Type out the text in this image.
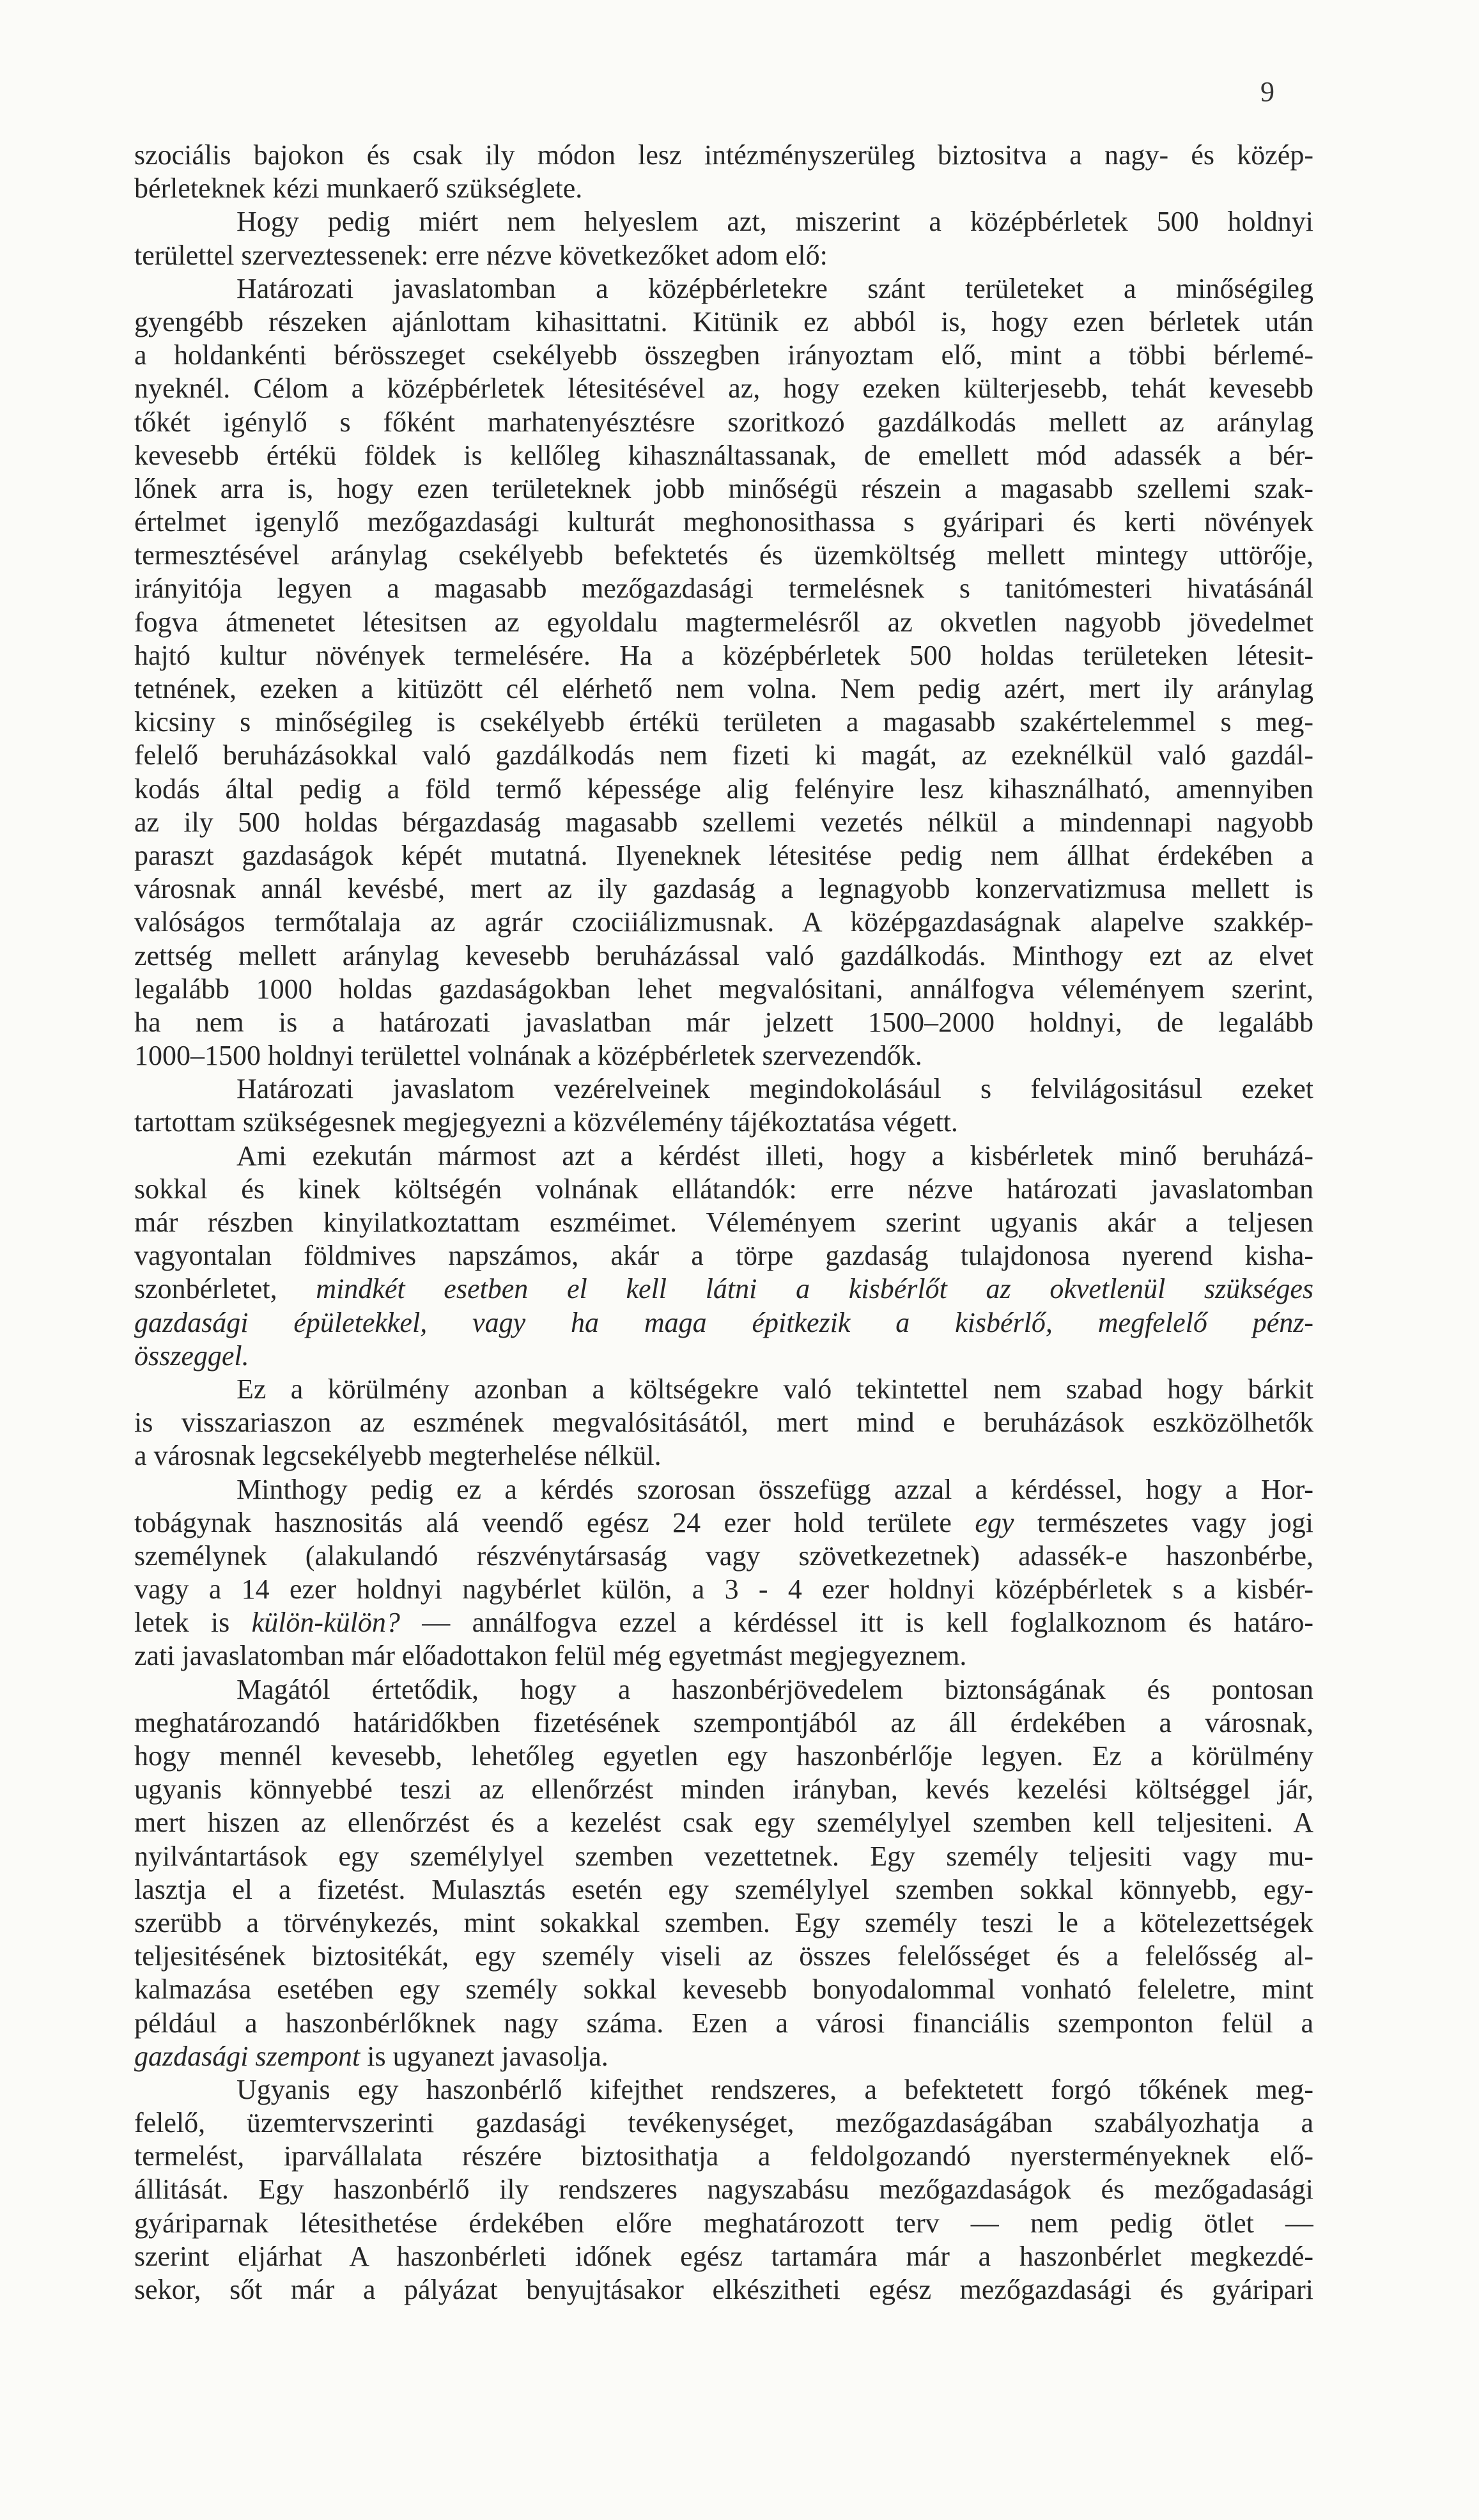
9
szociális bajokon és csak ily módon lesz intézményszerüleg biztositva a nagy- és közép-
bérleteknek kézi munkaerő szükséglete.
Hogy pedig miért nem helyeslem azt, miszerint a középbérletek 500 holdnyi
területtel szerveztessenek: erre nézve következőket adom elő:
Határozati javaslatomban a középbérletekre szánt területeket a minőségileg
gyengébb részeken ajánlottam kihasittatni. Kitünik ez abból is, hogy ezen bérletek után
a holdankénti bérösszeget csekélyebb összegben irányoztam elő, mint a többi bérlemé-
nyeknél. Célom a középbérletek létesitésével az, hogy ezeken külterjesebb, tehát kevesebb
tőkét igénylő s főként marhatenyésztésre szoritkozó gazdálkodás mellett az aránylag
kevesebb értékü földek is kellőleg kihasználtassanak, de emellett mód adassék a bér-
lőnek arra is, hogy ezen területeknek jobb minőségü részein a magasabb szellemi szak-
értelmet igenylő mezőgazdasági kulturát meghonosithassa s gyáripari és kerti növények
termesztésével aránylag csekélyebb befektetés és üzemköltség mellett mintegy uttörője,
irányitója legyen a magasabb mezőgazdasági termelésnek s tanitómesteri hivatásánál
fogva átmenetet létesitsen az egyoldalu magtermelésről az okvetlen nagyobb jövedelmet
hajtó kultur növények termelésére. Ha a középbérletek 500 holdas területeken létesit-
tetnének, ezeken a kitüzött cél elérhető nem volna. Nem pedig azért, mert ily aránylag
kicsiny s minőségileg is csekélyebb értékü területen a magasabb szakértelemmel s meg-
felelő beruházásokkal való gazdálkodás nem fizeti ki magát, az ezeknélkül való gazdál-
kodás által pedig a föld termő képessége alig felényire lesz kihasználható, amennyiben
az ily 500 holdas bérgazdaság magasabb szellemi vezetés nélkül a mindennapi nagyobb
paraszt gazdaságok képét mutatná. Ilyeneknek létesitése pedig nem állhat érdekében a
városnak annál kevésbé, mert az ily gazdaság a legnagyobb konzervatizmusa mellett is
valóságos termőtalaja az agrár czociiálizmusnak. A középgazdaságnak alapelve szakkép-
zettség mellett aránylag kevesebb beruházással való gazdálkodás. Minthogy ezt az elvet
legalább 1000 holdas gazdaságokban lehet megvalósitani, annálfogva véleményem szerint,
ha nem is a határozati javaslatban már jelzett 1500–2000 holdnyi, de legalább
1000–1500 holdnyi területtel volnának a középbérletek szervezendők.
Határozati javaslatom vezérelveinek megindokolásául s felvilágositásul ezeket
tartottam szükségesnek megjegyezni a közvélemény tájékoztatása végett.
Ami ezekután mármost azt a kérdést illeti, hogy a kisbérletek minő beruházá-
sokkal és kinek költségén volnának ellátandók: erre nézve határozati javaslatomban
már részben kinyilatkoztattam eszméimet. Véleményem szerint ugyanis akár a teljesen
vagyontalan földmives napszámos, akár a törpe gazdaság tulajdonosa nyerend kisha-
szonbérletet, mindkét esetben el kell látni a kisbérlőt az okvetlenül szükséges
gazdasági épületekkel, vagy ha maga épitkezik a kisbérlő, megfelelő pénz-
összeggel.
Ez a körülmény azonban a költségekre való tekintettel nem szabad hogy bárkit
is visszariaszon az eszmének megvalósitásától, mert mind e beruházások eszközölhetők
a városnak legcsekélyebb megterhelése nélkül.
Minthogy pedig ez a kérdés szorosan összefügg azzal a kérdéssel, hogy a Hor-
tobágynak hasznositás alá veendő egész 24 ezer hold területe egy természetes vagy jogi
személynek (alakulandó részvénytársaság vagy szövetkezetnek) adassék-e haszonbérbe,
vagy a 14 ezer holdnyi nagybérlet külön, a 3 - 4 ezer holdnyi középbérletek s a kisbér-
letek is külön-külön? — annálfogva ezzel a kérdéssel itt is kell foglalkoznom és határo-
zati javaslatomban már előadottakon felül még egyetmást megjegyeznem.
Magától értetődik, hogy a haszonbérjövedelem biztonságának és pontosan
meghatározandó határidőkben fizetésének szempontjából az áll érdekében a városnak,
hogy mennél kevesebb, lehetőleg egyetlen egy haszonbérlője legyen. Ez a körülmény
ugyanis könnyebbé teszi az ellenőrzést minden irányban, kevés kezelési költséggel jár,
mert hiszen az ellenőrzést és a kezelést csak egy személylyel szemben kell teljesiteni. A
nyilvántartások egy személylyel szemben vezettetnek. Egy személy teljesiti vagy mu-
lasztja el a fizetést. Mulasztás esetén egy személylyel szemben sokkal könnyebb, egy-
szerübb a törvénykezés, mint sokakkal szemben. Egy személy teszi le a kötelezettségek
teljesitésének biztositékát, egy személy viseli az összes felelősséget és a felelősség al-
kalmazása esetében egy személy sokkal kevesebb bonyodalommal vonható feleletre, mint
például a haszonbérlőknek nagy száma. Ezen a városi financiális szemponton felül a
gazdasági szempont is ugyanezt javasolja.
Ugyanis egy haszonbérlő kifejthet rendszeres, a befektetett forgó tőkének meg-
felelő, üzemtervszerinti gazdasági tevékenységet, mezőgazdaságában szabályozhatja a
termelést, iparvállalata részére biztosithatja a feldolgozandó nyersterményeknek elő-
állitását. Egy haszonbérlő ily rendszeres nagyszabásu mezőgazdaságok és mezőgadasági
gyáriparnak létesithetése érdekében előre meghatározott terv — nem pedig ötlet —
szerint eljárhat A haszonbérleti időnek egész tartamára már a haszonbérlet megkezdé-
sekor, sőt már a pályázat benyujtásakor elkészitheti egész mezőgazdasági és gyáripari
